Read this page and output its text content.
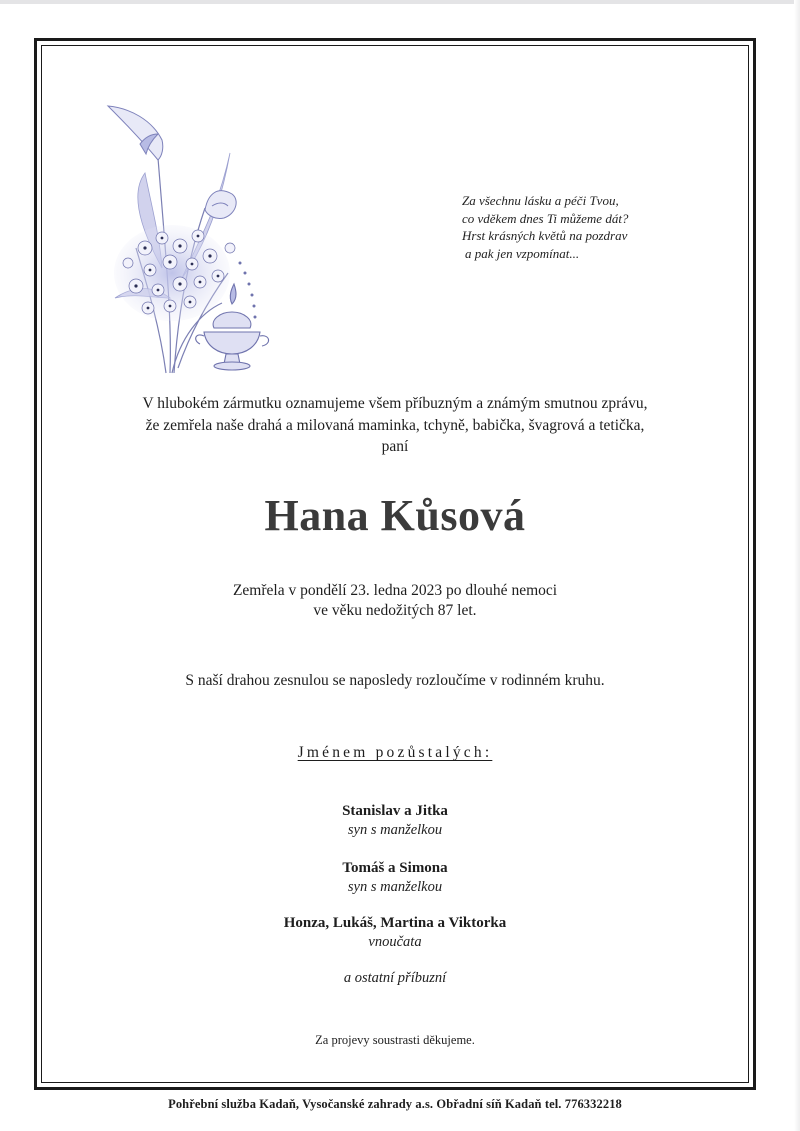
Za všechnu lásku a péči Tvou,
co vděkem dnes Ti můžeme dát?
Hrst krásných květů na pozdrav
a pak jen vzpomínat...
V hlubokém zármutku oznamujeme všem příbuzným a známým smutnou zprávu,
že zemřela naše drahá a milovaná maminka, tchyně, babička, švagrová a tetička,
paní
Hana Kůsová
Zemřela v pondělí 23. ledna 2023 po dlouhé nemoci
ve věku nedožitých 87 let.
S naší drahou zesnulou se naposledy rozloučíme v rodinném kruhu.
Jménem pozůstalých:
Stanislav a Jitka
syn s manželkou
Tomáš a Simona
syn s manželkou
Honza, Lukáš, Martina a Viktorka
vnoučata
a ostatní příbuzní
Za projevy soustrasti děkujeme.
Pohřební služba Kadaň, Vysočanské zahrady a.s. Obřadní síň Kadaň tel. 776332218
